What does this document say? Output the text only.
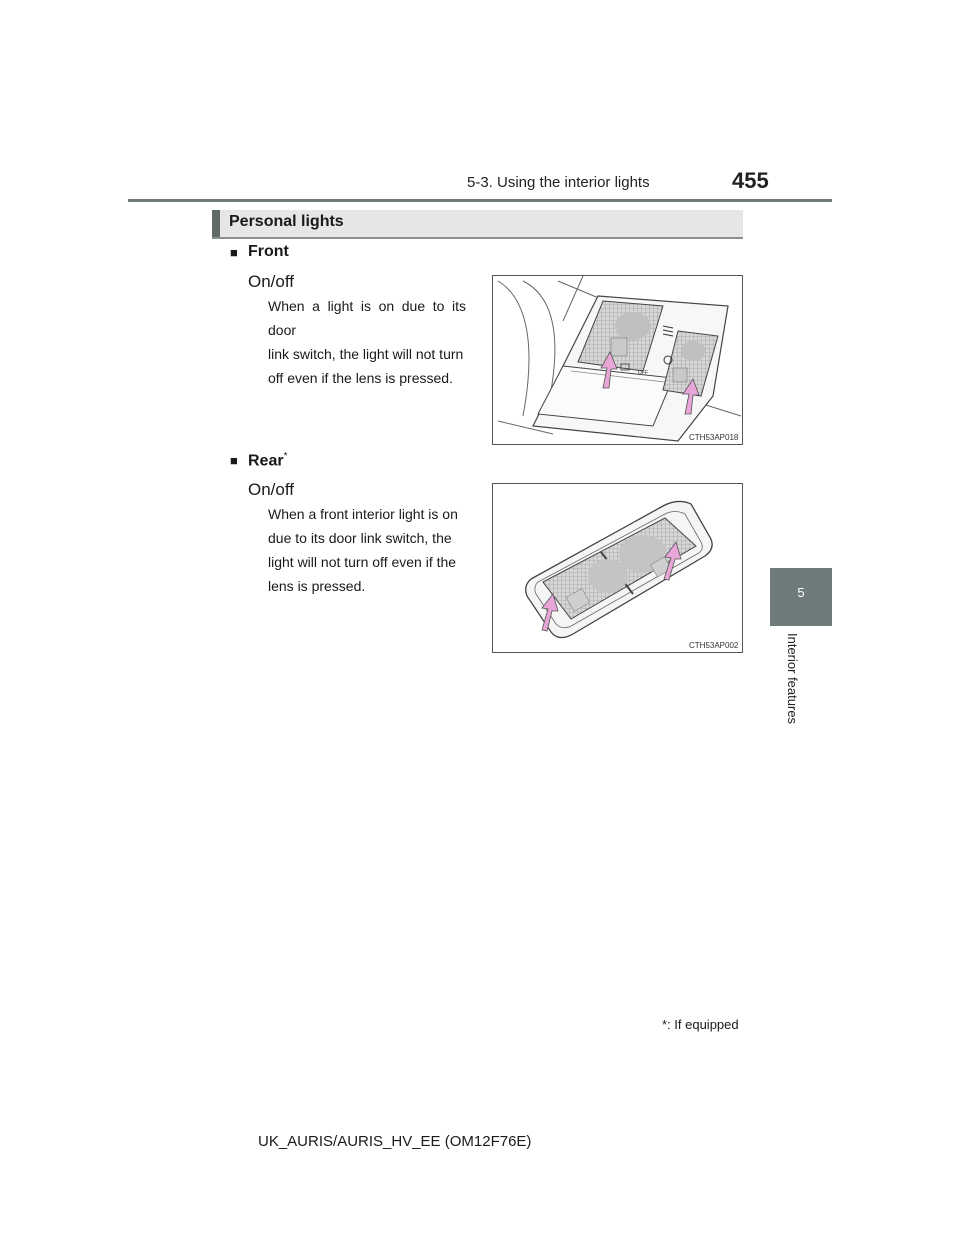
5-3. Using the interior lights	455
5
Interior features
Personal lights
■ Front
On/off
When a light is on due to its door
link switch, the light will not turn
off even if the lens is pressed.	OFF
CTH53AP018
■ Rear*
On/off
When a front interior light is on
due to its door link switch, the
light will not turn off even if the
lens is pressed.
CTH53AP002
*: If equipped
UK_AURIS/AURIS_HV_EE (OM12F76E)
